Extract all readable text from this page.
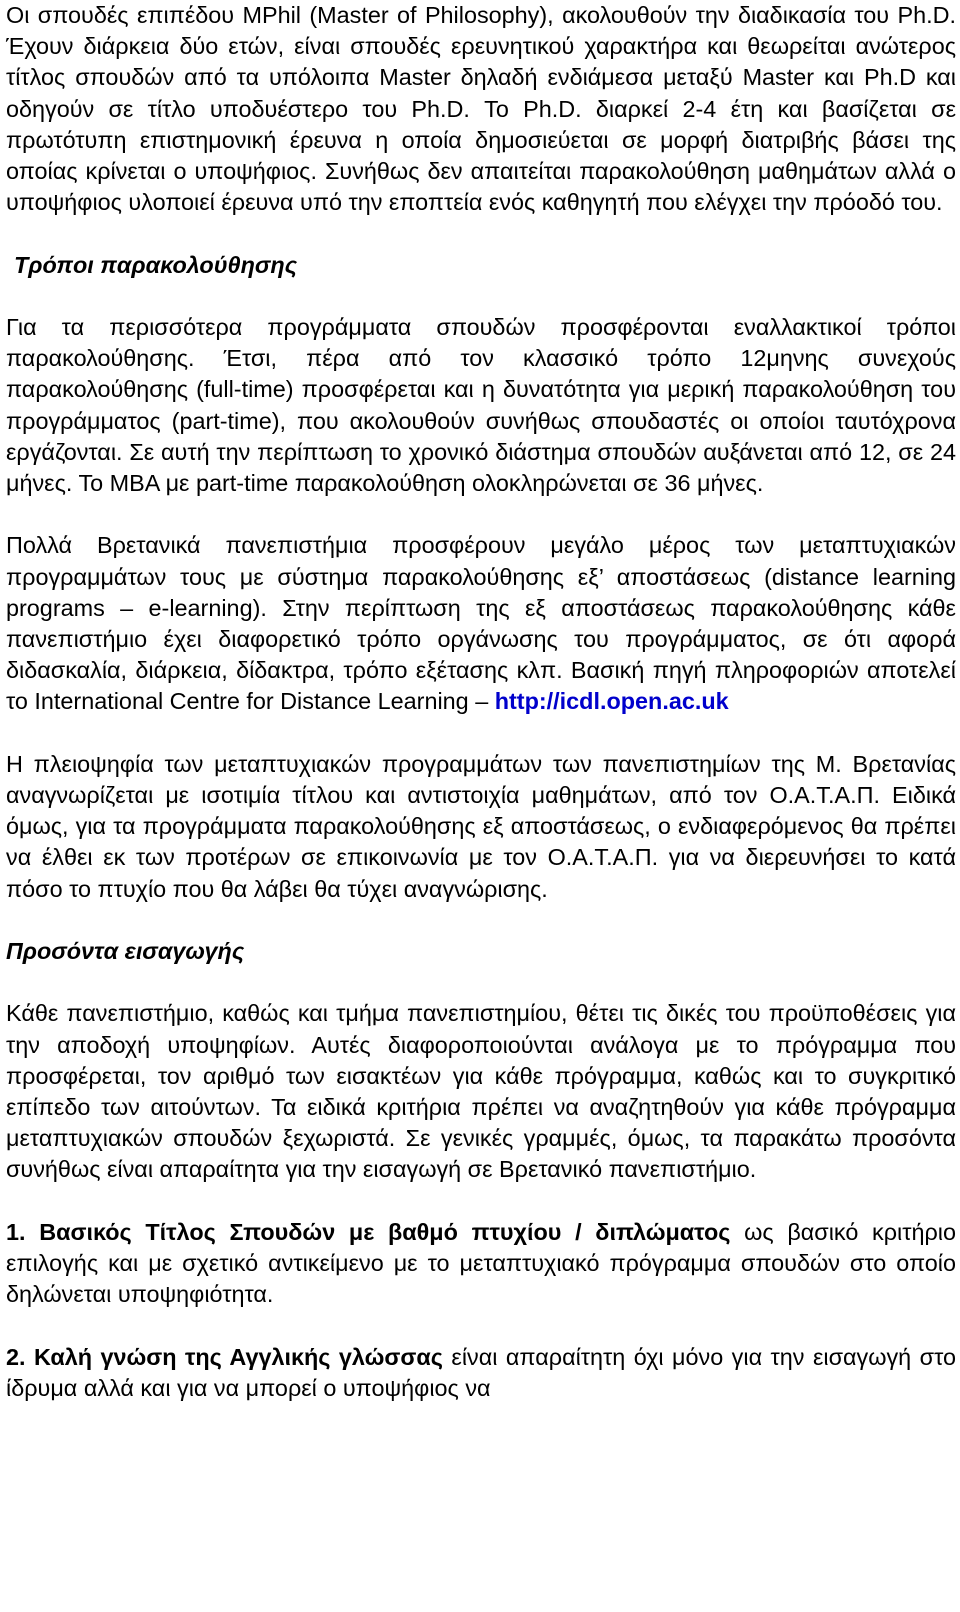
Οι σπουδές επιπέδου MPhil (Master of Philosophy), ακολουθούν την διαδικασία του Ph.D. Έχουν διάρκεια δύο ετών, είναι σπουδές ερευνητικού χαρακτήρα και θεωρείται ανώτερος τίτλος σπουδών από τα υπόλοιπα Master δηλαδή ενδιάμεσα μεταξύ Master και Ph.D και οδηγούν σε τίτλο υποδυέστερο του Ph.D. Το Ph.D. διαρκεί 2-4 έτη και βασίζεται σε πρωτότυπη επιστημονική έρευνα η οποία δημοσιεύεται σε μορφή διατριβής βάσει της οποίας κρίνεται ο υποψήφιος. Συνήθως δεν απαιτείται παρακολούθηση μαθημάτων αλλά ο υποψήφιος υλοποιεί έρευνα υπό την εποπτεία ενός καθηγητή που ελέγχει την πρόοδό του.

Τρόποι παρακολούθησης

Για τα περισσότερα προγράμματα σπουδών προσφέρονται εναλλακτικοί τρόποι παρακολούθησης. Έτσι, πέρα από τον κλασσικό τρόπο 12μηνης συνεχούς παρακολούθησης (full-time) προσφέρεται και η δυνατότητα για μερική παρακολούθηση του προγράμματος (part-time), που ακολουθούν συνήθως σπουδαστές οι οποίοι ταυτόχρονα εργάζονται. Σε αυτή την περίπτωση το χρονικό διάστημα σπουδών αυξάνεται από 12, σε 24 μήνες. Το MBA με part-time παρακολούθηση ολοκληρώνεται σε 36 μήνες.

Πολλά Βρετανικά πανεπιστήμια προσφέρουν μεγάλο μέρος των μεταπτυχιακών προγραμμάτων τους με σύστημα παρακολούθησης εξ’ αποστάσεως (distance learning programs – e-learning). Στην περίπτωση της εξ αποστάσεως παρακολούθησης κάθε πανεπιστήμιο έχει διαφορετικό τρόπο οργάνωσης του προγράμματος, σε ότι αφορά διδασκαλία, διάρκεια, δίδακτρα, τρόπο εξέτασης κλπ. Βασική πηγή πληροφοριών αποτελεί το International Centre for Distance Learning – http://icdl.open.ac.uk

Η πλειοψηφία των μεταπτυχιακών προγραμμάτων των πανεπιστημίων της Μ. Βρετανίας αναγνωρίζεται με ισοτιμία τίτλου και αντιστοιχία μαθημάτων, από τον Ο.Α.Τ.Α.Π. Ειδικά όμως, για τα προγράμματα παρακολούθησης εξ αποστάσεως, ο ενδιαφερόμενος θα πρέπει να έλθει εκ των προτέρων σε επικοινωνία με τον Ο.Α.Τ.Α.Π. για να διερευνήσει το κατά πόσο το πτυχίο που θα λάβει θα τύχει αναγνώρισης.

Προσόντα εισαγωγής

Κάθε πανεπιστήμιο, καθώς και τμήμα πανεπιστημίου, θέτει τις δικές του προϋποθέσεις για την αποδοχή υποψηφίων. Αυτές διαφοροποιούνται ανάλογα με το πρόγραμμα που προσφέρεται, τον αριθμό των εισακτέων για κάθε πρόγραμμα, καθώς και το συγκριτικό επίπεδο των αιτούντων. Τα ειδικά κριτήρια πρέπει να αναζητηθούν για κάθε πρόγραμμα μεταπτυχιακών σπουδών ξεχωριστά. Σε γενικές γραμμές, όμως, τα παρακάτω προσόντα συνήθως είναι απαραίτητα για την εισαγωγή σε Βρετανικό πανεπιστήμιο.

1. Βασικός Τίτλος Σπουδών με βαθμό πτυχίου / διπλώματος ως βασικό κριτήριο επιλογής και με σχετικό αντικείμενο με το μεταπτυχιακό πρόγραμμα σπουδών στο οποίο δηλώνεται υποψηφιότητα.

2. Καλή γνώση της Αγγλικής γλώσσας είναι απαραίτητη όχι μόνο για την εισαγωγή στο ίδρυμα αλλά και για να μπορεί ο υποψήφιος να
